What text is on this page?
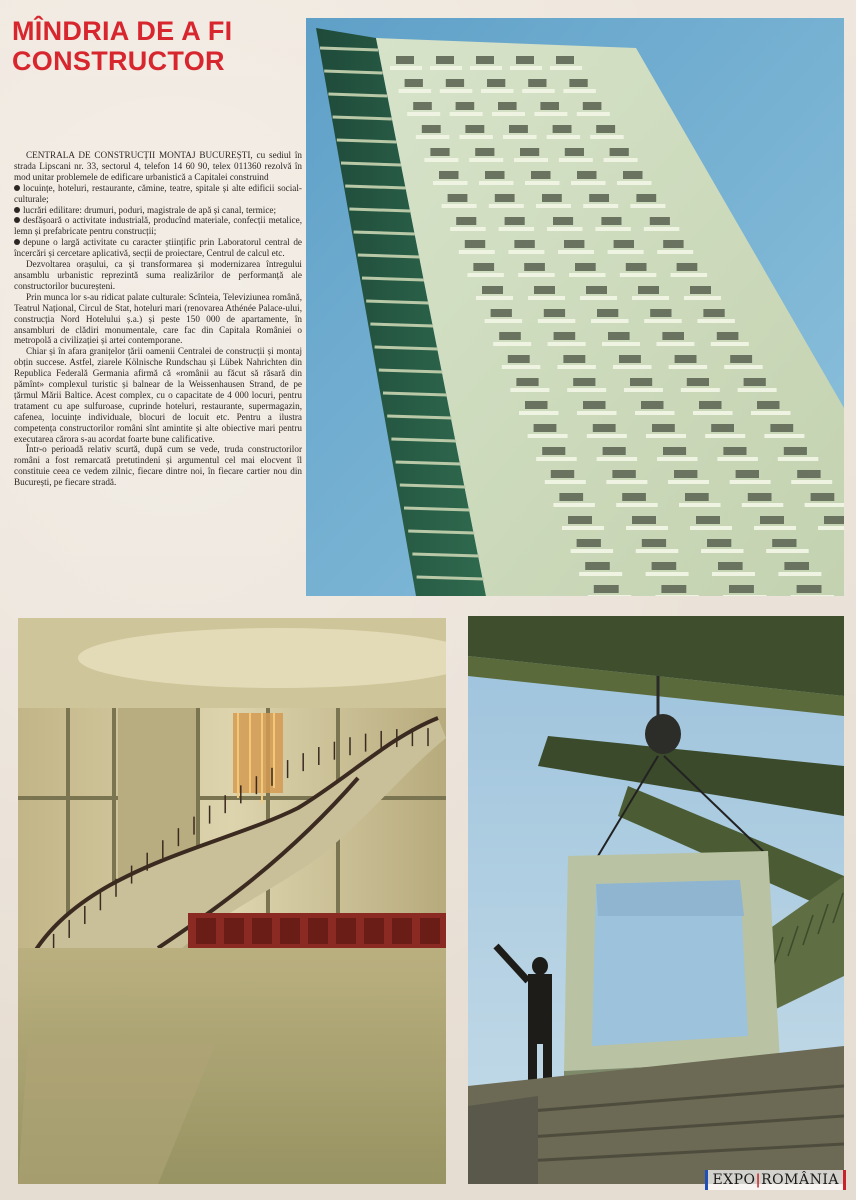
MÎNDRIA DE A FI
CONSTRUCTOR

CENTRALA DE CONSTRUCȚII MONTAJ BUCUREȘTI, cu sediul în strada Lipscani nr. 33, sectorul 4, telefon 14 60 90, telex 011360 rezolvă în mod unitar problemele de edificare urbanistică a Capitalei construind

locuințe, hoteluri, restaurante, cămine, teatre, spitale și alte edificii social-culturale;

lucrări edilitare: drumuri, poduri, magistrale de apă și canal, termice;

desfășoară o activitate industrială, producînd materiale, confecții metalice, lemn și prefabricate pentru construcții;

depune o largă activitate cu caracter științific prin Laboratorul central de încercări și cercetare aplicativă, secții de proiectare, Centrul de calcul etc.

Dezvoltarea orașului, ca și transformarea și modernizarea întregului ansamblu urbanistic reprezintă suma realizărilor de performanță ale constructorilor bucureșteni.

Prin munca lor s-au ridicat palate culturale: Scînteia, Televiziunea română, Teatrul Național, Circul de Stat, hoteluri mari (renovarea Athénée Palace-ului, construcția Nord Hotelului ș.a.) și peste 150 000 de apartamente, în ansambluri de clădiri monumentale, care fac din Capitala României o metropolă a civilizației și artei contemporane.

Chiar și în afara granițelor țării oamenii Centralei de construcții și montaj obțin succese. Astfel, ziarele Kölnische Rundschau și Lübek Nahrichten din Republica Federală Germania afirmă că «românii au făcut să răsară din pămînt» complexul turistic și balnear de la Weissenhausen Strand, de pe țărmul Mării Baltice. Acest complex, cu o capacitate de 4 000 locuri, pentru tratament cu ape sulfuroase, cuprinde hoteluri, restaurante, supermagazin, cafenea, locuințe individuale, blocuri de locuit etc. Pentru a ilustra competența constructorilor români sînt amintite și alte obiective mari pentru executarea cărora s-au acordat foarte bune calificative.

Într-o perioadă relativ scurtă, după cum se vede, truda constructorilor români a fost remarcată pretutindeni și argumentul cel mai elocvent îl constituie ceea ce vedem zilnic, fiecare dintre noi, în fiecare cartier nou din București, pe fiecare stradă.

EXPO|ROMÂNIA
